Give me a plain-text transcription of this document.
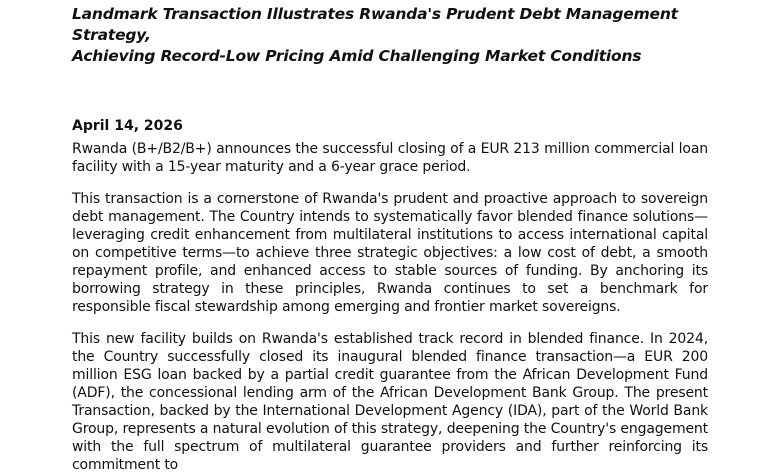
Landmark Transaction Illustrates Rwanda's Prudent Debt Management Strategy,
Achieving Record-Low Pricing Amid Challenging Market Conditions

April 14, 2026

Rwanda (B+/B2/B+) announces the successful closing of a EUR 213 million commercial loan facility with a 15-year maturity and a 6-year grace period.

This transaction is a cornerstone of Rwanda's prudent and proactive approach to sovereign debt management. The Country intends to systematically favor blended finance solutions—leveraging credit enhancement from multilateral institutions to access international capital on competitive terms—to achieve three strategic objectives: a low cost of debt, a smooth repayment profile, and enhanced access to stable sources of funding. By anchoring its borrowing strategy in these principles, Rwanda continues to set a benchmark for responsible fiscal stewardship among emerging and frontier market sovereigns.

This new facility builds on Rwanda's established track record in blended finance. In 2024, the Country successfully closed its inaugural blended finance transaction—a EUR 200 million ESG loan backed by a partial credit guarantee from the African Development Fund (ADF), the concessional lending arm of the African Development Bank Group. The present Transaction, backed by the International Development Agency (IDA), part of the World Bank Group, represents a natural evolution of this strategy, deepening the Country's engagement with the full spectrum of multilateral guarantee providers and further reinforcing its commitment to
